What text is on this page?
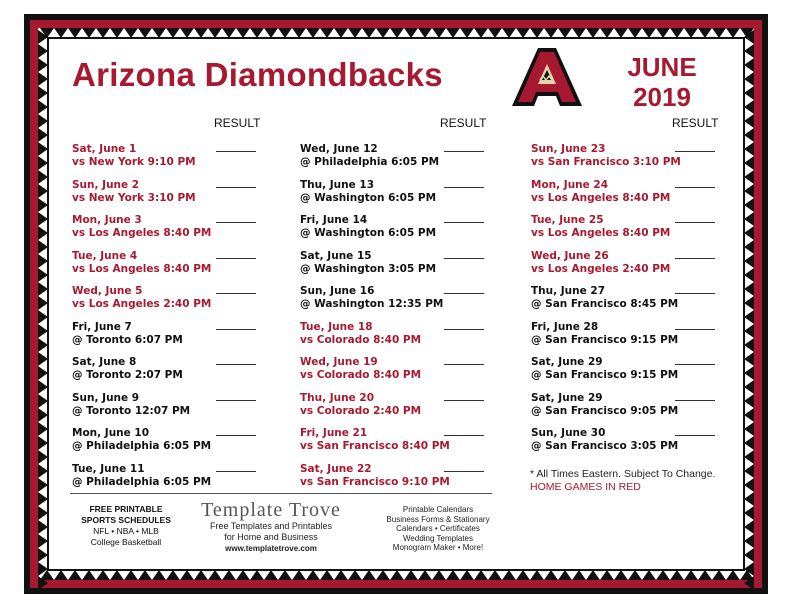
Arizona Diamondbacks	JUNE
2019
RESULT
Sat, June 1
vs New York 9:10 PM
Sun, June 2
vs New York 3:10 PM
Mon, June 3
vs Los Angeles 8:40 PM
Tue, June 4
vs Los Angeles 8:40 PM
Wed, June 5
vs Los Angeles 2:40 PM
Fri, June 7
@ Toronto 6:07 PM
Sat, June 8
@ Toronto 2:07 PM
Sun, June 9
@ Toronto 12:07 PM
Mon, June 10
@ Philadelphia 6:05 PM
Tue, June 11
@ Philadelphia 6:05 PM
RESULT
Wed, June 12
@ Philadelphia 6:05 PM
Thu, June 13
@ Washington 6:05 PM
Fri, June 14
@ Washington 6:05 PM
Sat, June 15
@ Washington 3:05 PM
Sun, June 16
@ Washington 12:35 PM
Tue, June 18
vs Colorado 8:40 PM
Wed, June 19
vs Colorado 8:40 PM
Thu, June 20
vs Colorado 2:40 PM
Fri, June 21
vs San Francisco 8:40 PM
Sat, June 22
vs San Francisco 9:10 PM
RESULT
Sun, June 23
vs San Francisco 3:10 PM
Mon, June 24
vs Los Angeles 8:40 PM
Tue, June 25
vs Los Angeles 8:40 PM
Wed, June 26
vs Los Angeles 2:40 PM
Thu, June 27
@ San Francisco 8:45 PM
Fri, June 28
@ San Francisco 9:15 PM
Sat, June 29
@ San Francisco 9:15 PM
Sat, June 29
@ San Francisco 9:05 PM
Sun, June 30
@ San Francisco 3:05 PM
* All Times Eastern. Subject To Change.
HOME GAMES IN RED
FREE PRINTABLE
SPORTS SCHEDULES
NFL • NBA • MLB
College Basketball
Template Trove
Free Templates and Printables
for Home and Business
www.templatetrove.com
Printable Calendars
Business Forms & Stationary
Calendars • Certificates
Wedding Templates
Monogram Maker • More!
